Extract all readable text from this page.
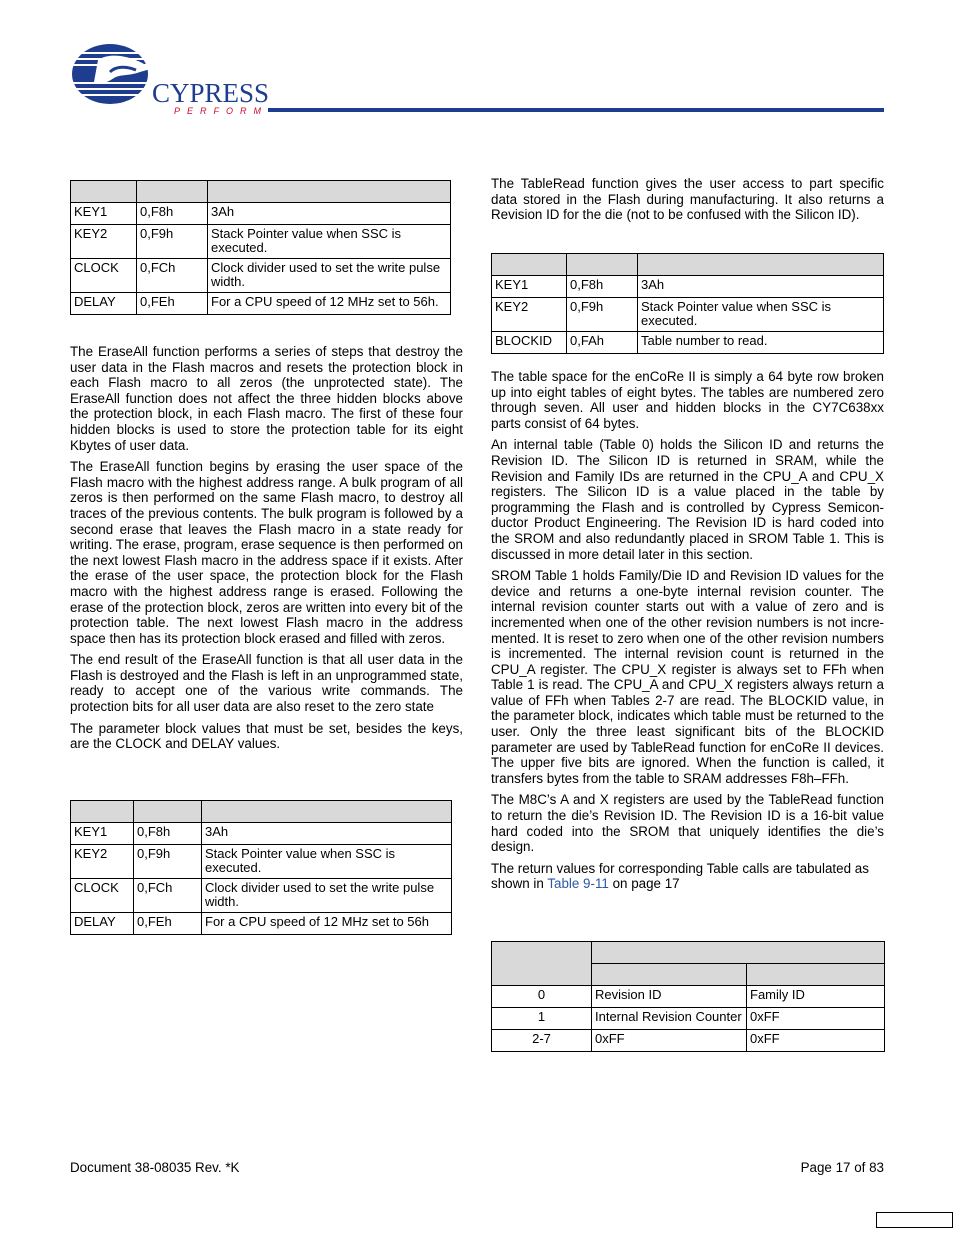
CYPRESS
PERFORM

KEY1	0,F8h	3Ah
KEY2	0,F9h	Stack Pointer value when SSC is executed.
CLOCK	0,FCh	Clock divider used to set the write pulse width.
DELAY	0,FEh	For a CPU speed of 12 MHz set to 56h.

The EraseAll function performs a series of steps that destroy the user data in the Flash macros and resets the protection block in each Flash macro to all zeros (the unprotected state). The EraseAll function does not affect the three hidden blocks above the protection block, in each Flash macro. The first of these four hidden blocks is used to store the protection table for its eight Kbytes of user data.

The EraseAll function begins by erasing the user space of the Flash macro with the highest address range. A bulk program of all zeros is then performed on the same Flash macro, to destroy all traces of the previous contents. The bulk program is followed by a second erase that leaves the Flash macro in a state ready for writing. The erase, program, erase sequence is then performed on the next lowest Flash macro in the address space if it exists. After the erase of the user space, the protection block for the Flash macro with the highest address range is erased. Following the erase of the protection block, zeros are written into every bit of the protection table. The next lowest Flash macro in the address space then has its protection block erased and filled with zeros.

The end result of the EraseAll function is that all user data in the Flash is destroyed and the Flash is left in an unprogrammed state, ready to accept one of the various write commands. The protection bits for all user data are also reset to the zero state

The parameter block values that must be set, besides the keys, are the CLOCK and DELAY values.

KEY1	0,F8h	3Ah
KEY2	0,F9h	Stack Pointer value when SSC is executed.
CLOCK	0,FCh	Clock divider used to set the write pulse width.
DELAY	0,FEh	For a CPU speed of 12 MHz set to 56h

The TableRead function gives the user access to part specific data stored in the Flash during manufacturing. It also returns a Revision ID for the die (not to be confused with the Silicon ID).

KEY1	0,F8h	3Ah
KEY2	0,F9h	Stack Pointer value when SSC is executed.
BLOCKID	0,FAh	Table number to read.

The table space for the enCoRe II is simply a 64 byte row broken up into eight tables of eight bytes. The tables are numbered zero through seven. All user and hidden blocks in the CY7C638xx parts consist of 64 bytes.

An internal table (Table 0) holds the Silicon ID and returns the Revision ID. The Silicon ID is returned in SRAM, while the Revision and Family IDs are returned in the CPU_A and CPU_X registers. The Silicon ID is a value placed in the table by programming the Flash and is controlled by Cypress Semicon-ductor Product Engineering. The Revision ID is hard coded into the SROM and also redundantly placed in SROM Table 1. This is discussed in more detail later in this section.

SROM Table 1 holds Family/Die ID and Revision ID values for the device and returns a one-byte internal revision counter. The internal revision counter starts out with a value of zero and is incremented when one of the other revision numbers is not incre-mented. It is reset to zero when one of the other revision numbers is incremented. The internal revision count is returned in the CPU_A register. The CPU_X register is always set to FFh when Table 1 is read. The CPU_A and CPU_X registers always return a value of FFh when Tables 2-7 are read. The BLOCKID value, in the parameter block, indicates which table must be returned to the user. Only the three least significant bits of the BLOCKID parameter are used by TableRead function for enCoRe II devices. The upper five bits are ignored. When the function is called, it transfers bytes from the table to SRAM addresses F8h–FFh.

The M8C’s A and X registers are used by the TableRead function to return the die’s Revision ID. The Revision ID is a 16-bit value hard coded into the SROM that uniquely identifies the die’s design.

The return values for corresponding Table calls are tabulated as shown in Table 9-11 on page 17

0	Revision ID	Family ID
1	Internal Revision Counter	0xFF
2-7	0xFF	0xFF
Document 38-08035 Rev. *K	Page 17 of 83
